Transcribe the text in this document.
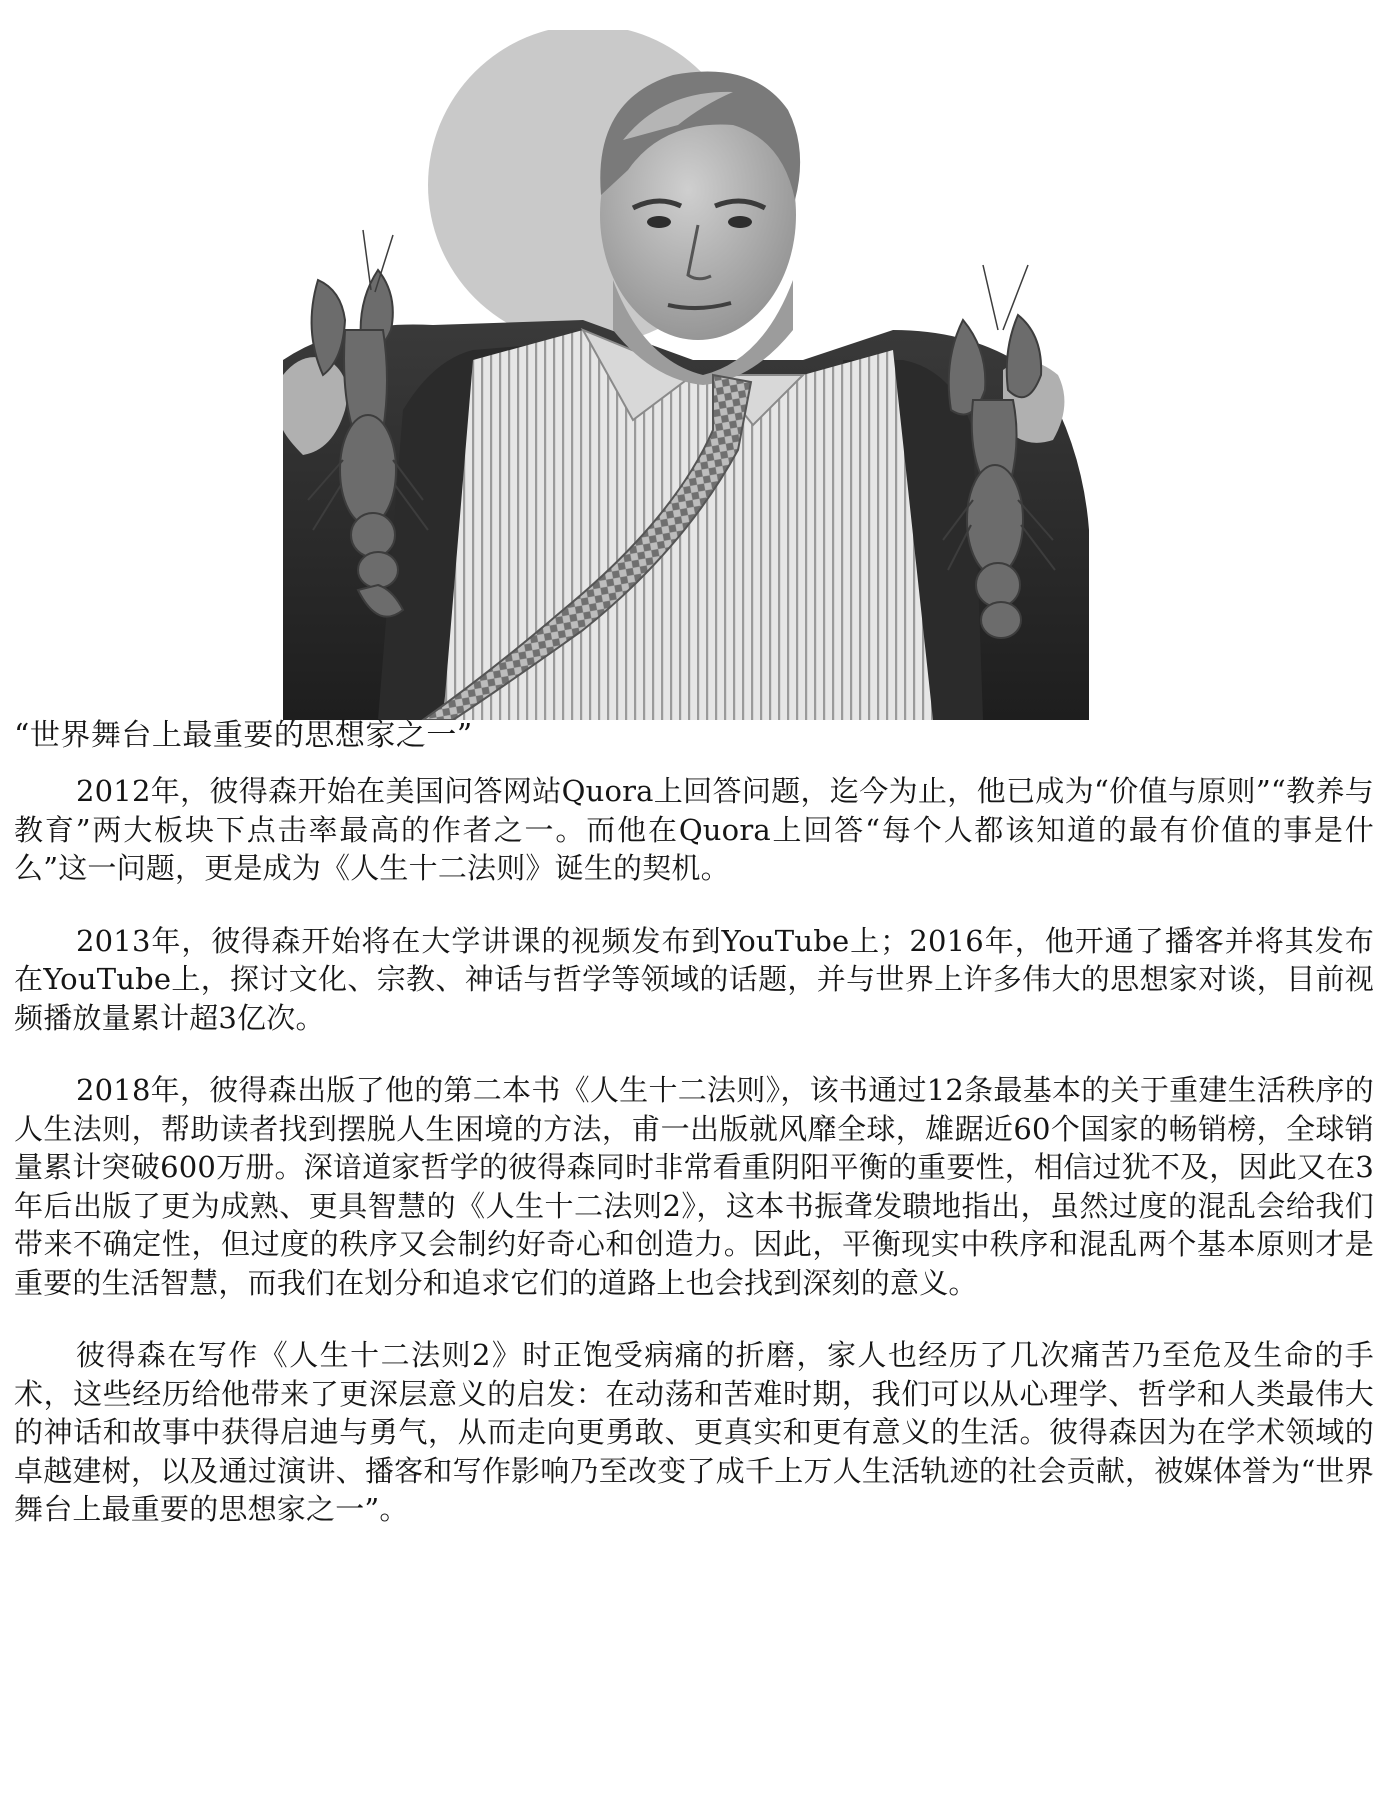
“世界舞台上最重要的思想家之一”

2012年，彼得森开始在美国问答网站Quora上回答问题，迄今为止，他已成为“价值与原则”“教养与教育”两大板块下点击率最高的作者之一。而他在Quora上回答“每个人都该知道的最有价值的事是什么”这一问题，更是成为《人生十二法则》诞生的契机。

2013年，彼得森开始将在大学讲课的视频发布到YouTube上；2016年，他开通了播客并将其发布在YouTube上，探讨文化、宗教、神话与哲学等领域的话题，并与世界上许多伟大的思想家对谈，目前视频播放量累计超3亿次。

2018年，彼得森出版了他的第二本书《人生十二法则》，该书通过12条最基本的关于重建生活秩序的人生法则，帮助读者找到摆脱人生困境的方法，甫一出版就风靡全球，雄踞近60个国家的畅销榜，全球销量累计突破600万册。深谙道家哲学的彼得森同时非常看重阴阳平衡的重要性，相信过犹不及，因此又在3年后出版了更为成熟、更具智慧的《人生十二法则2》，这本书振聋发聩地指出，虽然过度的混乱会给我们带来不确定性，但过度的秩序又会制约好奇心和创造力。因此，平衡现实中秩序和混乱两个基本原则才是重要的生活智慧，而我们在划分和追求它们的道路上也会找到深刻的意义。

彼得森在写作《人生十二法则2》时正饱受病痛的折磨，家人也经历了几次痛苦乃至危及生命的手术，这些经历给他带来了更深层意义的启发：在动荡和苦难时期，我们可以从心理学、哲学和人类最伟大的神话和故事中获得启迪与勇气，从而走向更勇敢、更真实和更有意义的生活。彼得森因为在学术领域的卓越建树，以及通过演讲、播客和写作影响乃至改变了成千上万人生活轨迹的社会贡献，被媒体誉为“世界舞台上最重要的思想家之一”。
